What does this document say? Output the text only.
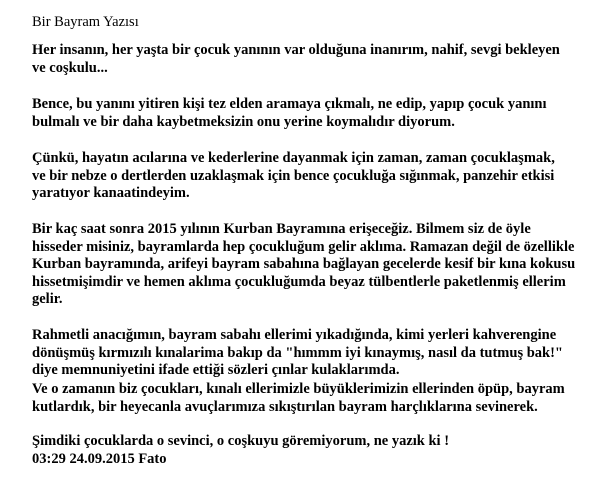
Bir Bayram Yazısı

Her insanın, her yaşta bir çocuk yanının var olduğuna inanırım, nahif, sevgi bekleyen
ve coşkulu...

Bence, bu yanını yitiren kişi tez elden aramaya çıkmalı, ne edip, yapıp çocuk yanını
bulmalı ve bir daha kaybetmeksizin onu yerine koymalıdır diyorum.

Çünkü, hayatın acılarına ve kederlerine dayanmak için zaman, zaman çocuklaşmak,
ve bir nebze o dertlerden uzaklaşmak için bence çocukluğa sığınmak, panzehir etkisi
yaratıyor kanaatindeyim.

Bir kaç saat sonra 2015 yılının Kurban Bayramına erişeceğiz. Bilmem siz de öyle
hisseder misiniz, bayramlarda hep çocukluğum gelir aklıma. Ramazan değil de özellikle
Kurban bayramında, arifeyi bayram sabahına bağlayan gecelerde kesif bir kına kokusu
hissetmişimdir ve hemen aklıma çocukluğumda beyaz tülbentlerle paketlenmiş ellerim
gelir.

Rahmetli anacığımın, bayram sabahı ellerimi yıkadığında, kimi yerleri kahverengine
dönüşmüş kırmızılı kınalarima bakıp da "hımmm iyi kınaymış, nasıl da tutmuş bak!"
diye memnuniyetini ifade ettiği sözleri çınlar kulaklarımda.

Ve o zamanın biz çocukları, kınalı ellerimizle büyüklerimizin ellerinden öpüp, bayram
kutlardık, bir heyecanla avuçlarımıza sıkıştırılan bayram harçlıklarına sevinerek.

Şimdiki çocuklarda o sevinci, o coşkuyu göremiyorum, ne yazık ki !
03:29 24.09.2015 Fato
